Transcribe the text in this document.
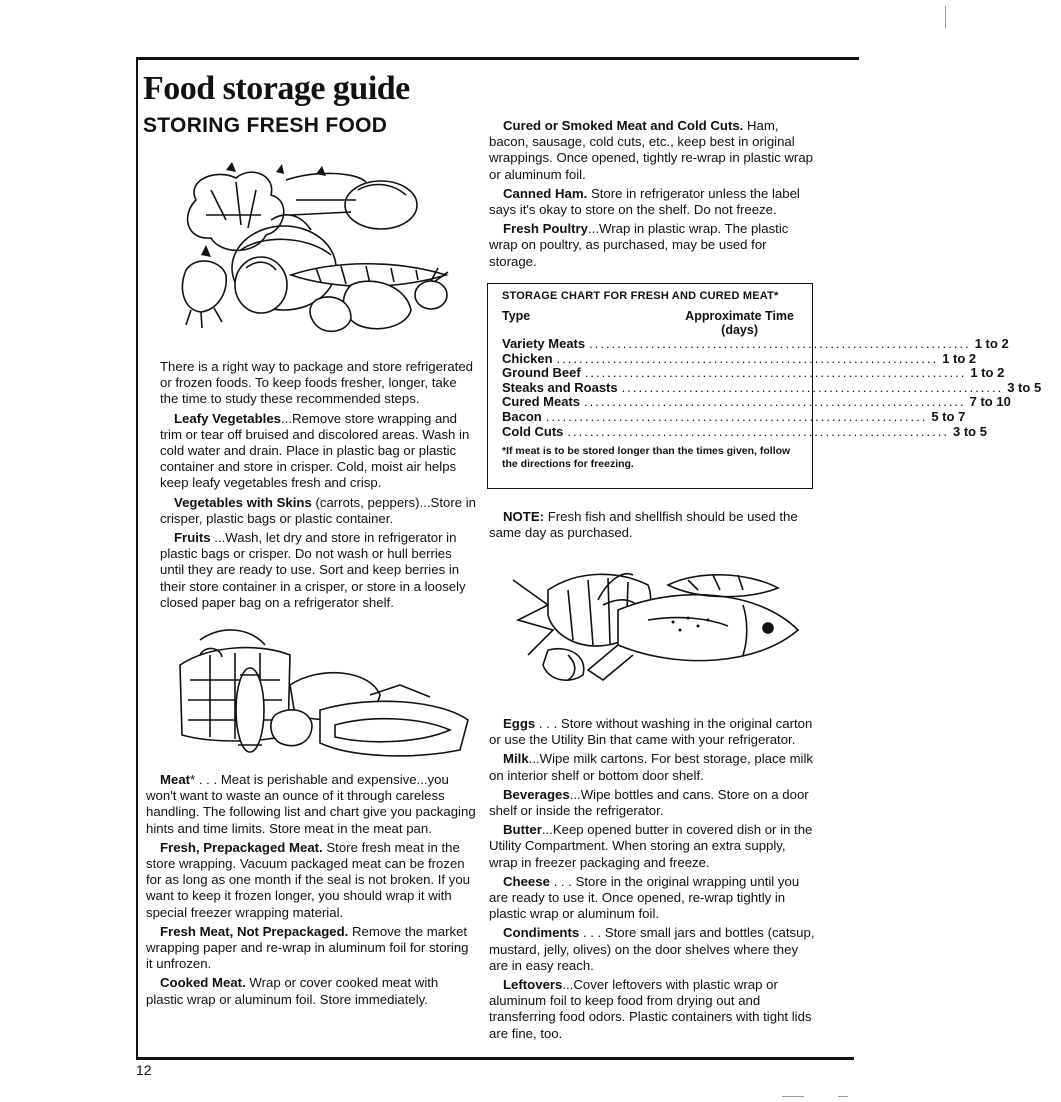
12
Food storage guide
STORING FRESH FOOD

There is a right way to package and store refrigerated or frozen foods. To keep foods fresher, longer, take the time to study these recommended steps.

Leafy Vegetables...Remove store wrapping and trim or tear off bruised and discolored areas. Wash in cold water and drain. Place in plastic bag or plastic container and store in crisper. Cold, moist air helps keep leafy vegetables fresh and crisp.

Vegetables with Skins (carrots, peppers)...Store in crisper, plastic bags or plastic container.

Fruits ...Wash, let dry and store in refrigerator in plastic bags or crisper. Do not wash or hull berries until they are ready to use. Sort and keep berries in their store container in a crisper, or store in a loosely closed paper bag on a refrigerator shelf.

Meat* . . . Meat is perishable and expensive...you won't want to waste an ounce of it through careless handling. The following list and chart give you packaging hints and time limits. Store meat in the meat pan.

Fresh, Prepackaged Meat. Store fresh meat in the store wrapping. Vacuum packaged meat can be frozen for as long as one month if the seal is not broken. If you want to keep it frozen longer, you should wrap it with special freezer wrapping material.

Fresh Meat, Not Prepackaged. Remove the market wrapping paper and re-wrap in aluminum foil for storing it unfrozen.

Cooked Meat. Wrap or cover cooked meat with plastic wrap or aluminum foil. Store immediately.

Cured or Smoked Meat and Cold Cuts. Ham, bacon, sausage, cold cuts, etc., keep best in original wrappings. Once opened, tightly re-wrap in plastic wrap or aluminum foil.

Canned Ham. Store in refrigerator unless the label says it's okay to store on the shelf. Do not freeze.

Fresh Poultry...Wrap in plastic wrap. The plastic wrap on poultry, as purchased, may be used for storage.

STORAGE CHART FOR FRESH AND CURED MEAT*
Type	Approximate Time
(days)
Variety Meats .................................................................... 1 to 2
Chicken .................................................................... 1 to 2
Ground Beef .................................................................... 1 to 2
Steaks and Roasts .................................................................... 3 to 5
Cured Meats .................................................................... 7 to 10
Bacon .................................................................... 5 to 7
Cold Cuts .................................................................... 3 to 5
*If meat is to be stored longer than the times given, follow the directions for freezing.

NOTE: Fresh fish and shellfish should be used the same day as purchased.

Eggs . . . Store without washing in the original carton or use the Utility Bin that came with your refrigerator.

Milk...Wipe milk cartons. For best storage, place milk on interior shelf or bottom door shelf.

Beverages...Wipe bottles and cans. Store on a door shelf or inside the refrigerator.

Butter...Keep opened butter in covered dish or in the Utility Compartment. When storing an extra supply, wrap in freezer packaging and freeze.

Cheese . . . Store in the original wrapping until you are ready to use it. Once opened, re-wrap tightly in plastic wrap or aluminum foil.

Condiments . . . Store small jars and bottles (catsup, mustard, jelly, olives) on the door shelves where they are in easy reach.

Leftovers...Cover leftovers with plastic wrap or aluminum foil to keep food from drying out and transferring food odors. Plastic containers with tight lids are fine, too.
